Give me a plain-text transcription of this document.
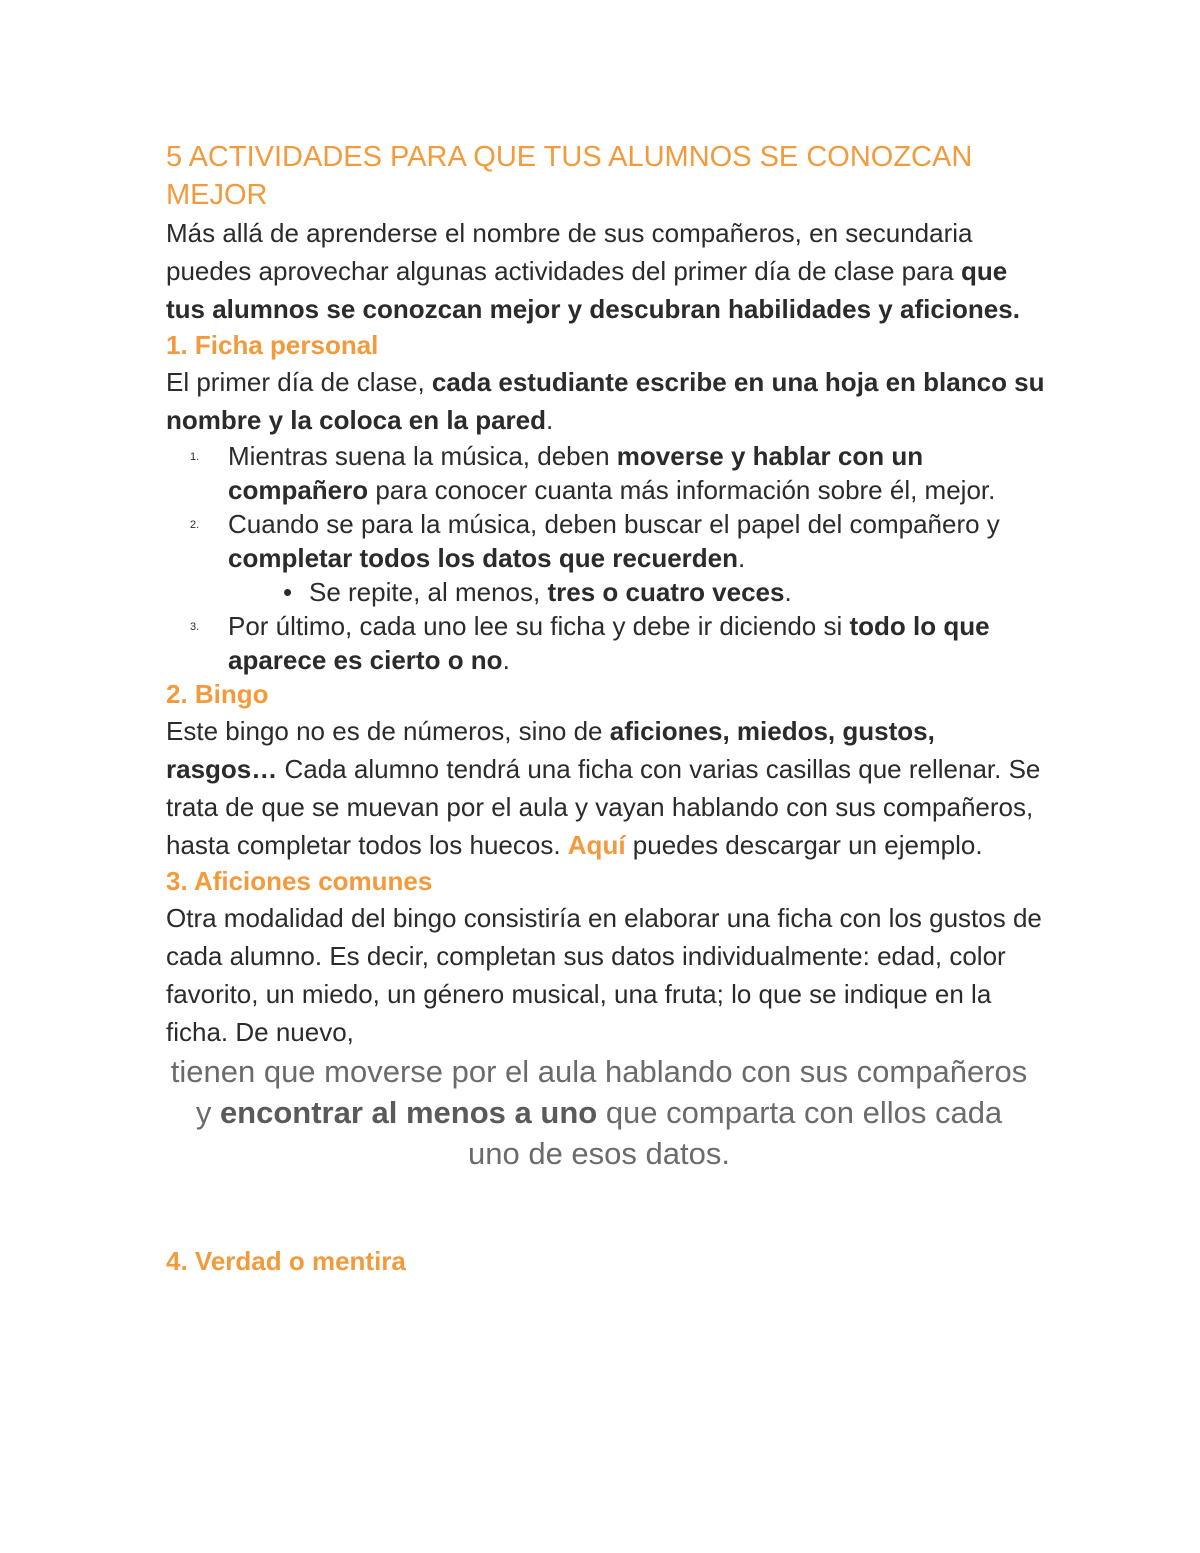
5 ACTIVIDADES PARA QUE TUS ALUMNOS SE CONOZCAN MEJOR

Más allá de aprenderse el nombre de sus compañeros, en secundaria puedes aprovechar algunas actividades del primer día de clase para que tus alumnos se conozcan mejor y descubran habilidades y aficiones.

1. Ficha personal

El primer día de clase, cada estudiante escribe en una hoja en blanco su nombre y la coloca en la pared.

1. Mientras suena la música, deben moverse y hablar con un compañero para conocer cuanta más información sobre él, mejor.
2. Cuando se para la música, deben buscar el papel del compañero y completar todos los datos que recuerden.
• Se repite, al menos, tres o cuatro veces.
3. Por último, cada uno lee su ficha y debe ir diciendo si todo lo que aparece es cierto o no.
2. Bingo

Este bingo no es de números, sino de aficiones, miedos, gustos, rasgos… Cada alumno tendrá una ficha con varias casillas que rellenar. Se trata de que se muevan por el aula y vayan hablando con sus compañeros, hasta completar todos los huecos. Aquí puedes descargar un ejemplo.

3. Aficiones comunes

Otra modalidad del bingo consistiría en elaborar una ficha con los gustos de cada alumno. Es decir, completan sus datos individualmente: edad, color favorito, un miedo, un género musical, una fruta; lo que se indique en la ficha. De nuevo,

tienen que moverse por el aula hablando con sus compañeros y encontrar al menos a uno que comparta con ellos cada uno de esos datos.

4. Verdad o mentira
